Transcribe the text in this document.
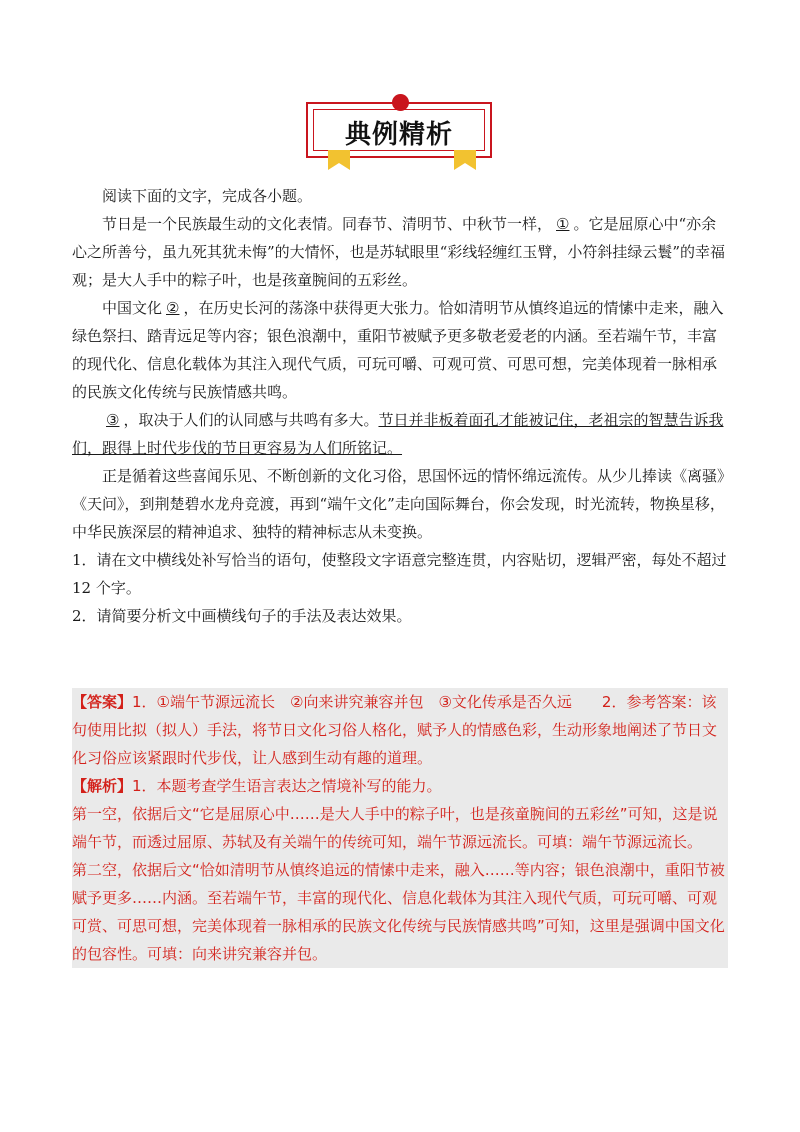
典例精析

阅读下面的文字，完成各小题。

节日是一个民族最生动的文化表情。同春节、清明节、中秋节一样， ① 。它是屈原心中“亦余心之所善兮，虽九死其犹未悔”的大情怀，也是苏轼眼里“彩线轻缠红玉臂，小符斜挂绿云鬟”的幸福观；是大人手中的粽子叶，也是孩童腕间的五彩丝。

中国文化 ② ，在历史长河的荡涤中获得更大张力。恰如清明节从慎终追远的情愫中走来，融入绿色祭扫、踏青远足等内容；银色浪潮中，重阳节被赋予更多敬老爱老的内涵。至若端午节，丰富的现代化、信息化载体为其注入现代气质，可玩可嚼、可观可赏、可思可想，完美体现着一脉相承的民族文化传统与民族情感共鸣。

③ ，取决于人们的认同感与共鸣有多大。节日并非板着面孔才能被记住，老祖宗的智慧告诉我们，跟得上时代步伐的节日更容易为人们所铭记。

正是循着这些喜闻乐见、不断创新的文化习俗，思国怀远的情怀绵远流传。从少儿捧读《离骚》《天问》，到荆楚碧水龙舟竞渡，再到“端午文化”走向国际舞台，你会发现，时光流转，物换星移，中华民族深层的精神追求、独特的精神标志从未变换。

1．请在文中横线处补写恰当的语句，使整段文字语意完整连贯，内容贴切，逻辑严密，每处不超过 12 个字。

2．请简要分析文中画横线句子的手法及表达效果。

【答案】1．①端午节源远流长　②向来讲究兼容并包　③文化传承是否久远　　2．参考答案：该句使用比拟（拟人）手法，将节日文化习俗人格化，赋予人的情感色彩，生动形象地阐述了节日文化习俗应该紧跟时代步伐，让人感到生动有趣的道理。

【解析】1．本题考查学生语言表达之情境补写的能力。

第一空，依据后文“它是屈原心中……是大人手中的粽子叶，也是孩童腕间的五彩丝”可知，这是说端午节，而透过屈原、苏轼及有关端午的传统可知，端午节源远流长。可填：端午节源远流长。

第二空，依据后文“恰如清明节从慎终追远的情愫中走来，融入……等内容；银色浪潮中，重阳节被赋予更多……内涵。至若端午节，丰富的现代化、信息化载体为其注入现代气质，可玩可嚼、可观可赏、可思可想，完美体现着一脉相承的民族文化传统与民族情感共鸣”可知，这里是强调中国文化的包容性。可填：向来讲究兼容并包。
